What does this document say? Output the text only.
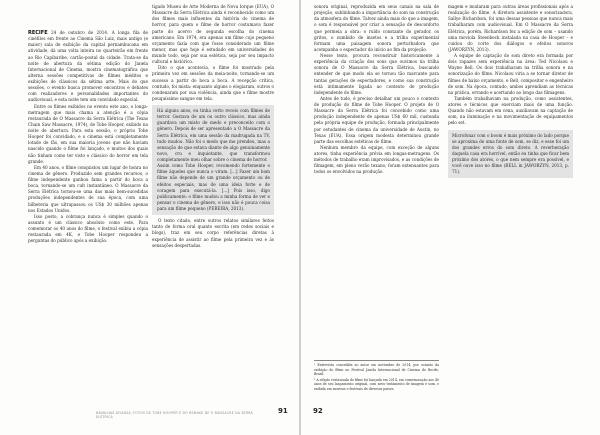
RECIFE 24 de outubro de 2014. A longa fila de cinéfilos em frente ao Cinema São Luiz, mais antigo (e maior) sala de exibição da capital pernambucana em atividade, dá uma volta inteira no quarteirão em frente ao Rio Capibaribe, cartão-postal da cidade. Trata-se da noite de abertura da sétima edição do Janela Internacional de Cinema, mostra cinematográfica que alterna sessões competitivas de filmes inéditos e exibições de clássicos da sétima arte. Mais do que sessões, o evento busca promover encontros e debates com realizadores e personalidades importantes do audiovisual, e esta noite tem um convidado especial.

Entre os filmes exibidos no evento este ano, o longa-metragem que mais chama a atenção é a cópia restaurada de O Massacre da Serra Elétrica (The Texas Chain Saw Massacre, 1974), de Tobe Hooper, exibido na noite de abertura. Para esta sessão, o próprio Tobe Hooper foi convidado, e o cinema está completamente lotado de fãs, em sua maioria jovens que não haviam nascido quando o filme foi lançado, e muitos dos quais não tinham como ter visto o clássico do horror em tela grande.

Em 40 anos, o filme conquistou um lugar de honra no cinema de gênero. Produzido sem grandes recursos, o filme independente ganhou fama a partir do boca a boca, tornando-se um cult instantâneo. O Massacre da Serra Elétrica tornou-se uma das mais bem-sucedidas produções independentes de sua época, com uma bilheteria que ultrapassou os US$ 30 milhões apenas nos Estados Unidos.

Isso posto, a cobrança nunca é simples quando o assunto é um clássico absoluto como este. Para comemorar os 40 anos do filme, o festival exibiu a cópia restaurada em 4K, e Tobe Hooper respondeu a perguntas do público após a exibição.

tigado Museu de Arte Moderna de Nova Iorque (EUA), O Massacre da Serra Elétrica ainda é reconhecido como um dos filmes mais influentes da história do cinema de horror, para quem o filme de horror costumava fazer parte do acervo de segunda escolha do cinema americano. Em 1974, era apenas um filme cujo pequeno orçamento fazia com que fosse considerado um filme menor, mas que hoje é estudado em universidades do mundo todo, seja por sua estética, seja por seu impacto cultural e histórico.

Dito o que acontecia, o filme foi mostrado pela primeira vez em sessões da meia-noite, tornando-se um sucesso a partir do boca a boca. A recepção crítica, contudo, foi mista: enquanto alguns o elogiaram, outros o condenaram por sua violência, ainda que o filme mostre pouquíssimo sangue em tela.

Há alguns anos, eu tinha certo receio com filmes de terror. Gostava de um ou outro clássico, mas ainda guardava um misto de medo e preconceito com o gênero. Depois de ser apresentado a O Massacre da Serra Elétrica, em uma sessão da madrugada na TV, tudo mudou. Não foi o medo que me prendeu, mas a sensação de que estava diante de algo genuinamente novo, cru e inquietante, que transformou completamente meu olhar sobre o cinema de horror.

Assim como Tobe Hooper, recomendo fortemente o filme àqueles que nunca o viram. [...] Fazer um bom filme não depende de um grande orçamento ou de efeitos especiais, mas de uma ideia forte e de coragem para executá-la. [...] Pois isso, digo publicamente: o filme mudou a minha forma de ver e pensar o cinema de gênero, e isso não é pouca coisa para um filme pequeno (PEREIRA, 2013).

O texto citado, entre outros relatos similares feitos tanto de forma oral quanto escrita (em redes sociais e blogs), traz em seu corpo referências diretas à experiência de assistir ao filme pela primeira vez e às sensações despertadas.

NAVALHAS AFIADAS, FOTOS DE TOBE HOOPER E DO REMAKE DE O MASSACRE DA SERRA ELÉTRICA
91

sonora original, reproduzida em seus canais na sala de projeção, sublinhando a importância do som na construção da atmosfera do filme. Talvez ainda mais do que a imagem, o som é responsável por criar a sensação de desconforto que permeia a obra: o ruído constante do gerador, os gritos, o zumbido de insetos e a trilha experimental formam uma paisagem sonora perturbadora que acompanha o espectador do início ao fim da projeção.

Nesse texto, procura reconstruir historicamente a experiência da criação dos sons que ouvimos na trilha sonora de O Massacre da Serra Elétrica, buscando entender de que modo ela se tornou tão marcante para tantas gerações de espectadores, e como sua construção está intimamente ligada ao contexto de produção independente do filme.

Antes de tudo, é preciso detalhar um pouco o contexto de produção do filme de Tobe Hooper. O projeto de O Massacre da Serra Elétrica foi concebido como uma produção independente de apenas US$ 60 mil, custeada pela própria equipe de produção, formada principalmente por estudantes de cinema da universidade de Austin, no Texas (EUA). Essa origem modesta determinou grande parte das escolhas estéticas do filme.

Nenhum membro da equipe, com exceção de alguns atores, tinha experiência prévia em longas-metragens. Os métodos de trabalho eram improvisados, e as condições de filmagem, em pleno verão texano, foram extenuantes para todos os envolvidos na produção.

magem e mudaram para outras áreas profissionais após a realização do filme. A diretora assistente e sonorizadora, Sallye Richardson, foi uma dessas pessoas que nunca mais trabalharam com audiovisual. Em O Massacre da Serra Elétrica, porém, Richardson fez a edição de som – usando uma moviola Steenbeck instalada na casa de Hooper – e cuidou do corte dos diálogos e efeitos sonoros (JAWORZYN, 2013).

A equipe de captação do som direto era formada por dois rapazes sem experiência na área: Ted Nicolaou e Wayne Bell. Os dois trabalharam na trilha sonora e na sonorização do filme. Nicolaou viria a se tornar diretor de filmes de baixo orçamento, e Bell, compositor e engenheiro de som. Na época, contudo, ambos aprendiam as técnicas na prática, errando e acertando ao longo das filmagens.

Também trabalhavam na produção, como assistentes, atores e técnicos que exerciam mais de uma função. Quando não estavam em cena, auxiliavam na captação de som, na iluminação e na movimentação de equipamentos pelo set.

Microfonar com o boom é mais próximo do lado porque se aproxima de uma fonte de som, se diz, e esse foi um dos grandes erros do som direto. A reverberação daquela casa era horrível, então eu tinha que ficar bem próximo dos atores, o que nem sempre era possível, e você ouve isso no filme (BELL in JAWORZYN, 2013, p. 71).

¹ Entrevista concedida ao autor em novembro de 2014, por ocasião da exibição do filme no Festival Janela Internacional de Cinema do Recife, Brasil.

² A edição restaurada do filme foi lançada em 2014, em comemoração aos 40 anos de seu lançamento original, com novo tratamento de imagem e som, e exibida em mostras e festivais de diversos países.

92
